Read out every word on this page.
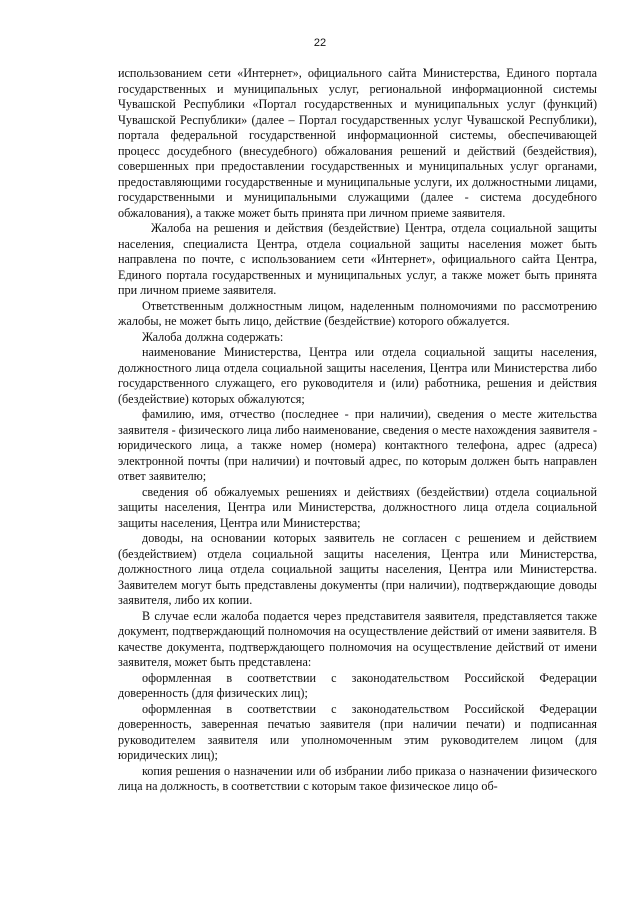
22

использованием сети «Интернет», официального сайта Министерства, Единого портала государственных и муниципальных услуг, региональной информационной системы Чувашской Республики «Портал государственных и муниципальных услуг (функций) Чувашской Республики» (далее – Портал государственных услуг Чувашской Республики), портала федеральной государственной информационной системы, обеспечивающей процесс досудебного (внесудебного) обжалования решений и действий (бездействия), совершенных при предоставлении государственных и муниципальных услуг органами, предоставляющими государственные и муниципальные услуги, их должностными лицами, государственными и муниципальными служащими (далее - система досудебного обжалования), а также может быть принята при личном приеме заявителя.

Жалоба на решения и действия (бездействие) Центра, отдела социальной защиты населения, специалиста Центра, отдела социальной защиты населения может быть направлена по почте, с использованием сети «Интернет», официального сайта Центра, Единого портала государственных и муниципальных услуг, а также может быть принята при личном приеме заявителя.

Ответственным должностным лицом, наделенным полномочиями по рассмотрению жалобы, не может быть лицо, действие (бездействие) которого обжалуется.

Жалоба должна содержать:

наименование Министерства, Центра или отдела социальной защиты населения, должностного лица отдела социальной защиты населения, Центра или Министерства либо государственного служащего, его руководителя и (или) работника, решения и действия (бездействие) которых обжалуются;

фамилию, имя, отчество (последнее - при наличии), сведения о месте жительства заявителя - физического лица либо наименование, сведения о месте нахождения заявителя - юридического лица, а также номер (номера) контактного телефона, адрес (адреса) электронной почты (при наличии) и почтовый адрес, по которым должен быть направлен ответ заявителю;

сведения об обжалуемых решениях и действиях (бездействии) отдела социальной защиты населения, Центра или Министерства, должностного лица отдела социальной защиты населения, Центра или Министерства;

доводы, на основании которых заявитель не согласен с решением и действием (бездействием) отдела социальной защиты населения, Центра или Министерства, должностного лица отдела социальной защиты населения, Центра или Министерства. Заявителем могут быть представлены документы (при наличии), подтверждающие доводы заявителя, либо их копии.

В случае если жалоба подается через представителя заявителя, представляется также документ, подтверждающий полномочия на осуществление действий от имени заявителя. В качестве документа, подтверждающего полномочия на осуществление действий от имени заявителя, может быть представлена:

оформленная в соответствии с законодательством Российской Федерации доверенность (для физических лиц);

оформленная в соответствии с законодательством Российской Федерации доверенность, заверенная печатью заявителя (при наличии печати) и подписанная руководителем заявителя или уполномоченным этим руководителем лицом (для юридических лиц);

копия решения о назначении или об избрании либо приказа о назначении физического лица на должность, в соответствии с которым такое физическое лицо об-
